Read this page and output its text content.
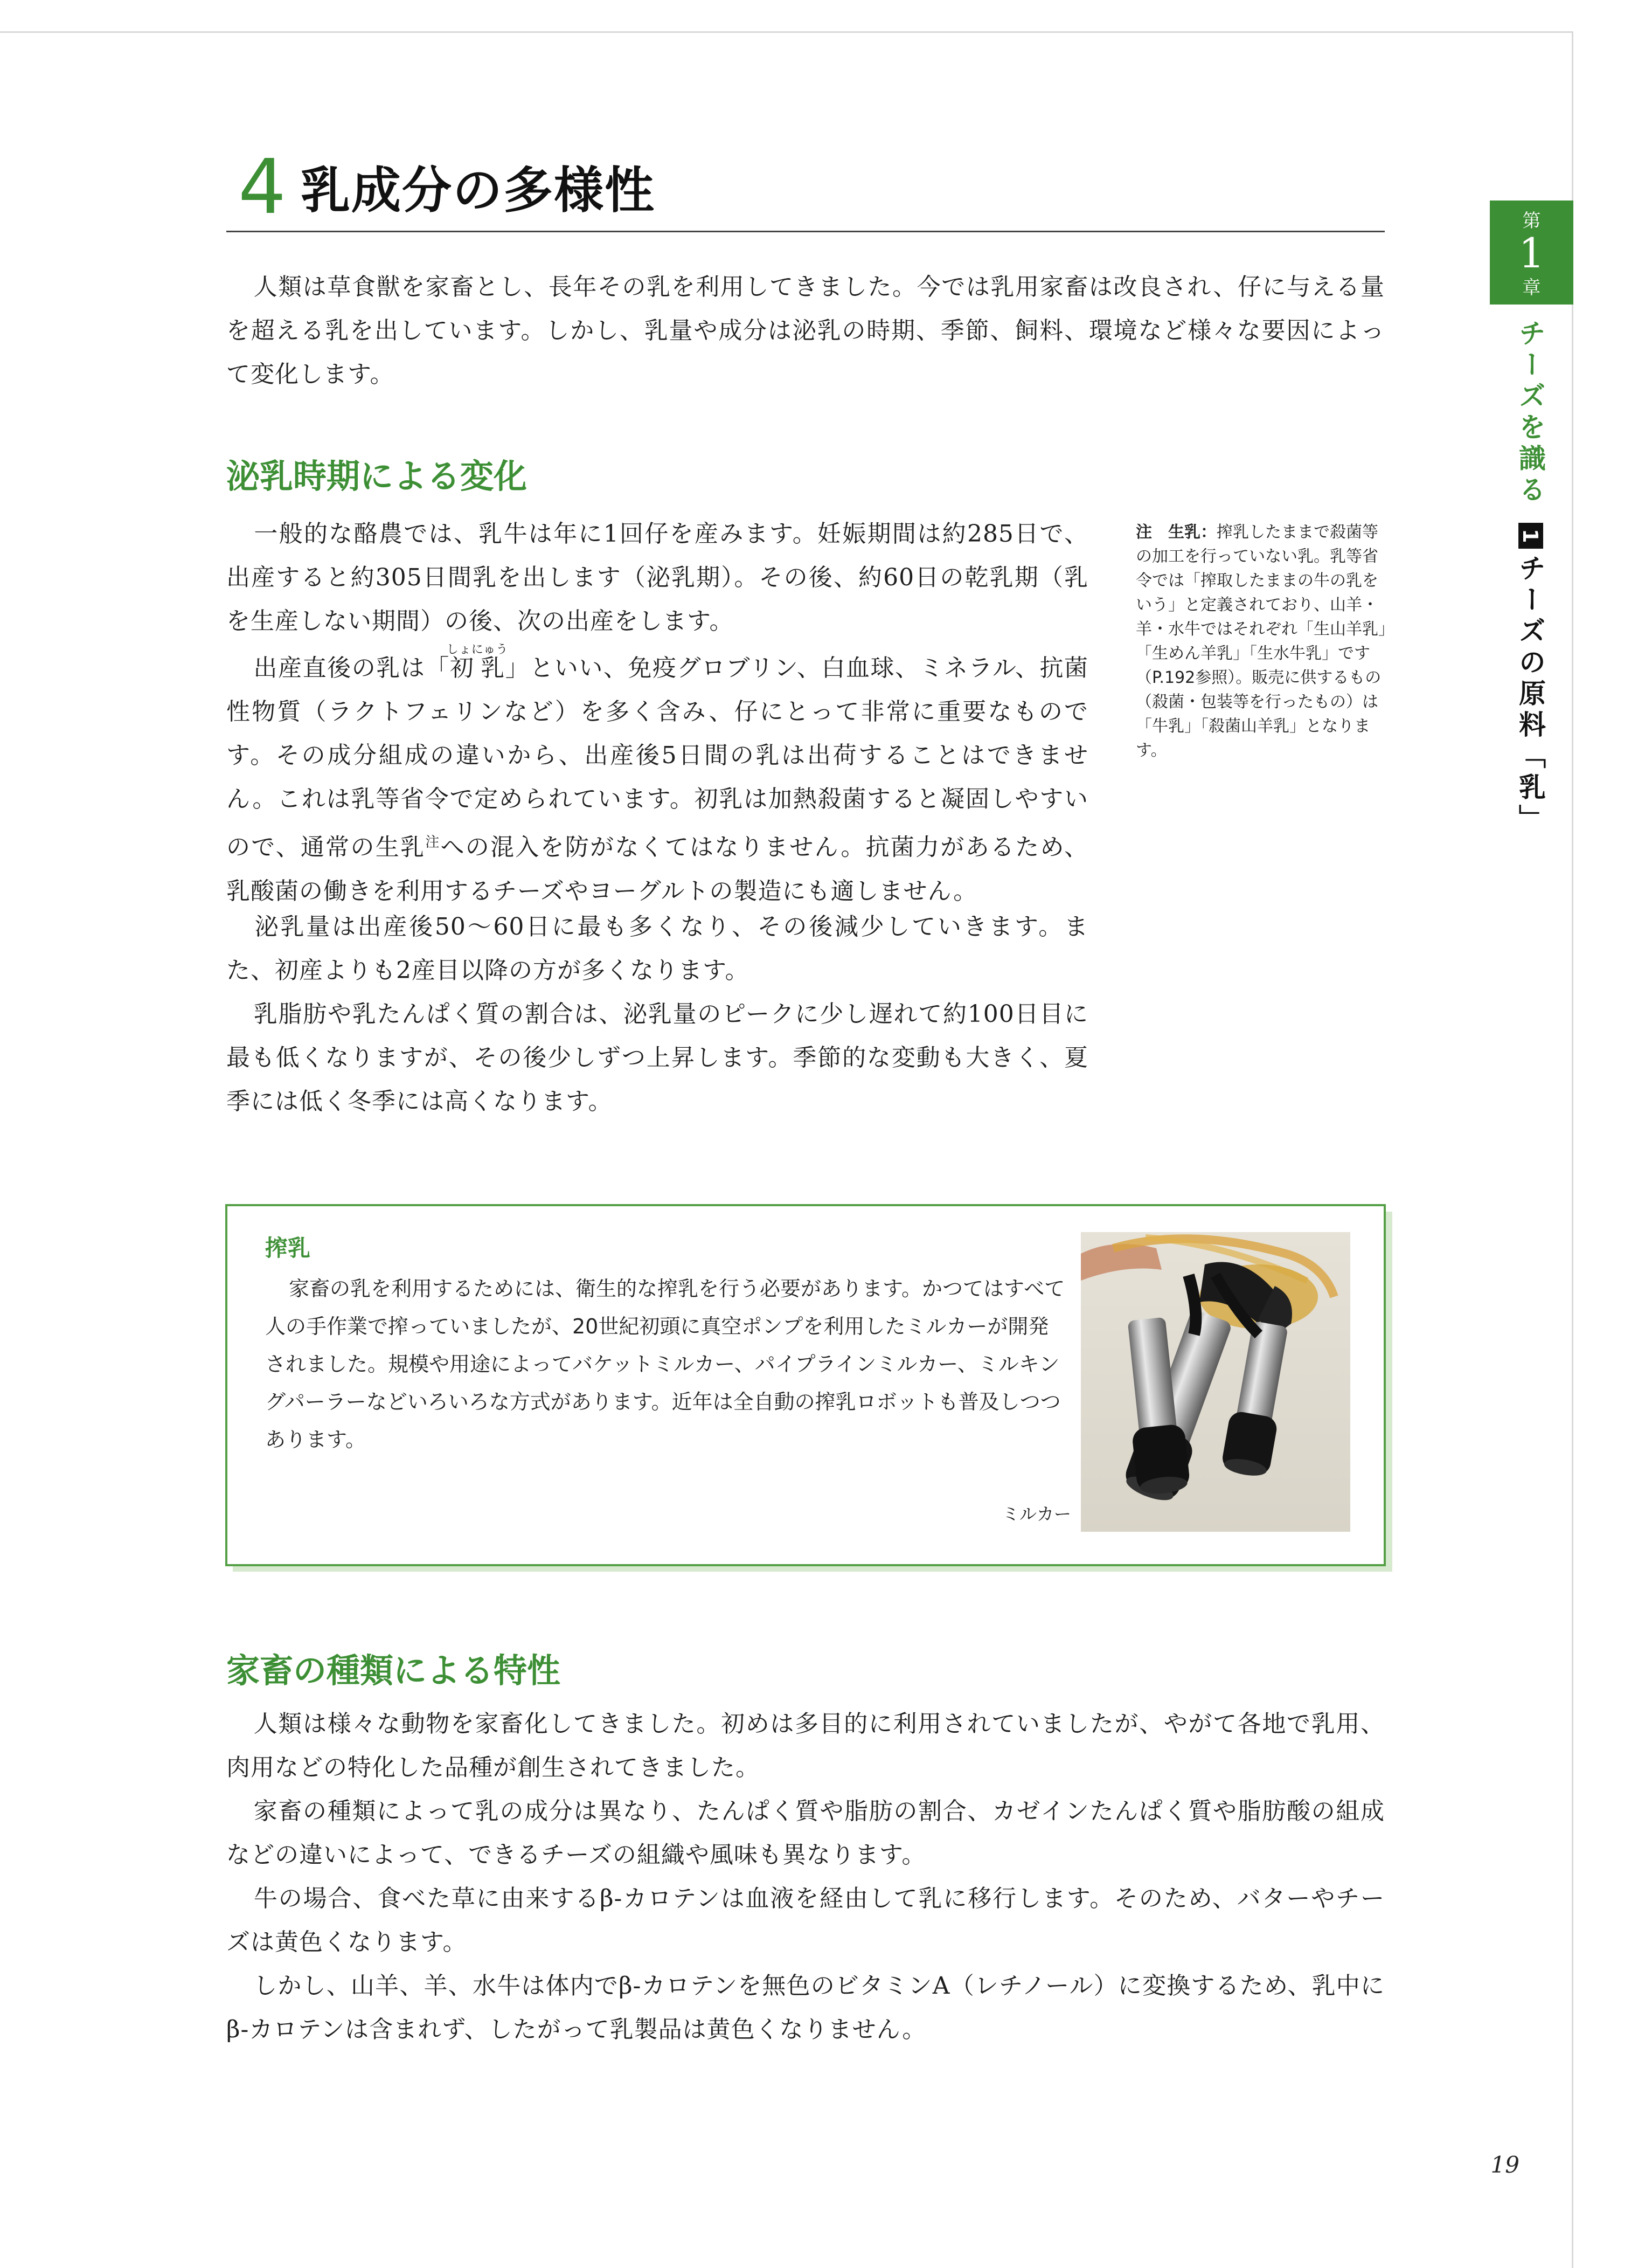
4 乳成分の多様性

人類は草食獣を家畜とし、長年その乳を利用してきました。今では乳用家畜は改良され、仔に与える量を超える乳を出しています。しかし、乳量や成分は泌乳の時期、季節、飼料、環境など様々な要因によって変化します。

泌乳時期による変化

一般的な酪農では、乳牛は年に1回仔を産みます。妊娠期間は約285日で、出産すると約305日間乳を出します（泌乳期）。その後、約60日の乾乳期（乳を生産しない期間）の後、次の出産をします。

出産直後の乳は「初乳しょにゅう」といい、免疫グロブリン、白血球、ミネラル、抗菌性物質（ラクトフェリンなど）を多く含み、仔にとって非常に重要なものです。その成分組成の違いから、出産後5日間の乳は出荷することはできません。これは乳等省令で定められています。初乳は加熱殺菌すると凝固しやすいので、通常の生乳$^注$への混入を防がなくてはなりません。抗菌力があるため、乳酸菌の働きを利用するチーズやヨーグルトの製造にも適しません。

泌乳量は出産後50〜60日に最も多くなり、その後減少していきます。また、初産よりも2産目以降の方が多くなります。

乳脂肪や乳たんぱく質の割合は、泌乳量のピークに少し遅れて約100日目に最も低くなりますが、その後少しずつ上昇します。季節的な変動も大きく、夏季には低く冬季には高くなります。

注　生乳：搾乳したままで殺菌等の加工を行っていない乳。乳等省令では「搾取したままの牛の乳をいう」と定義されており、山羊・羊・水牛ではそれぞれ「生山羊乳」「生めん羊乳」「生水牛乳」です（P.192参照）。販売に供するもの（殺菌・包装等を行ったもの）は「牛乳」「殺菌山羊乳」となります。
搾乳

家畜の乳を利用するためには、衛生的な搾乳を行う必要があります。かつてはすべて人の手作業で搾っていましたが、20世紀初頭に真空ポンプを利用したミルカーが開発されました。規模や用途によってバケットミルカー、パイプラインミルカー、ミルキングパーラーなどいろいろな方式があります。近年は全自動の搾乳ロボットも普及しつつあります。

ミルカー
家畜の種類による特性

人類は様々な動物を家畜化してきました。初めは多目的に利用されていましたが、やがて各地で乳用、肉用などの特化した品種が創生されてきました。

家畜の種類によって乳の成分は異なり、たんぱく質や脂肪の割合、カゼインたんぱく質や脂肪酸の組成などの違いによって、できるチーズの組織や風味も異なります。

牛の場合、食べた草に由来するβ-カロテンは血液を経由して乳に移行します。そのため、バターやチーズは黄色くなります。

しかし、山羊、羊、水牛は体内でβ-カロテンを無色のビタミンA（レチノール）に変換するため、乳中にβ-カロテンは含まれず、したがって乳製品は黄色くなりません。

第
1
章
チーズを識る
1チーズの原料「乳」
19
